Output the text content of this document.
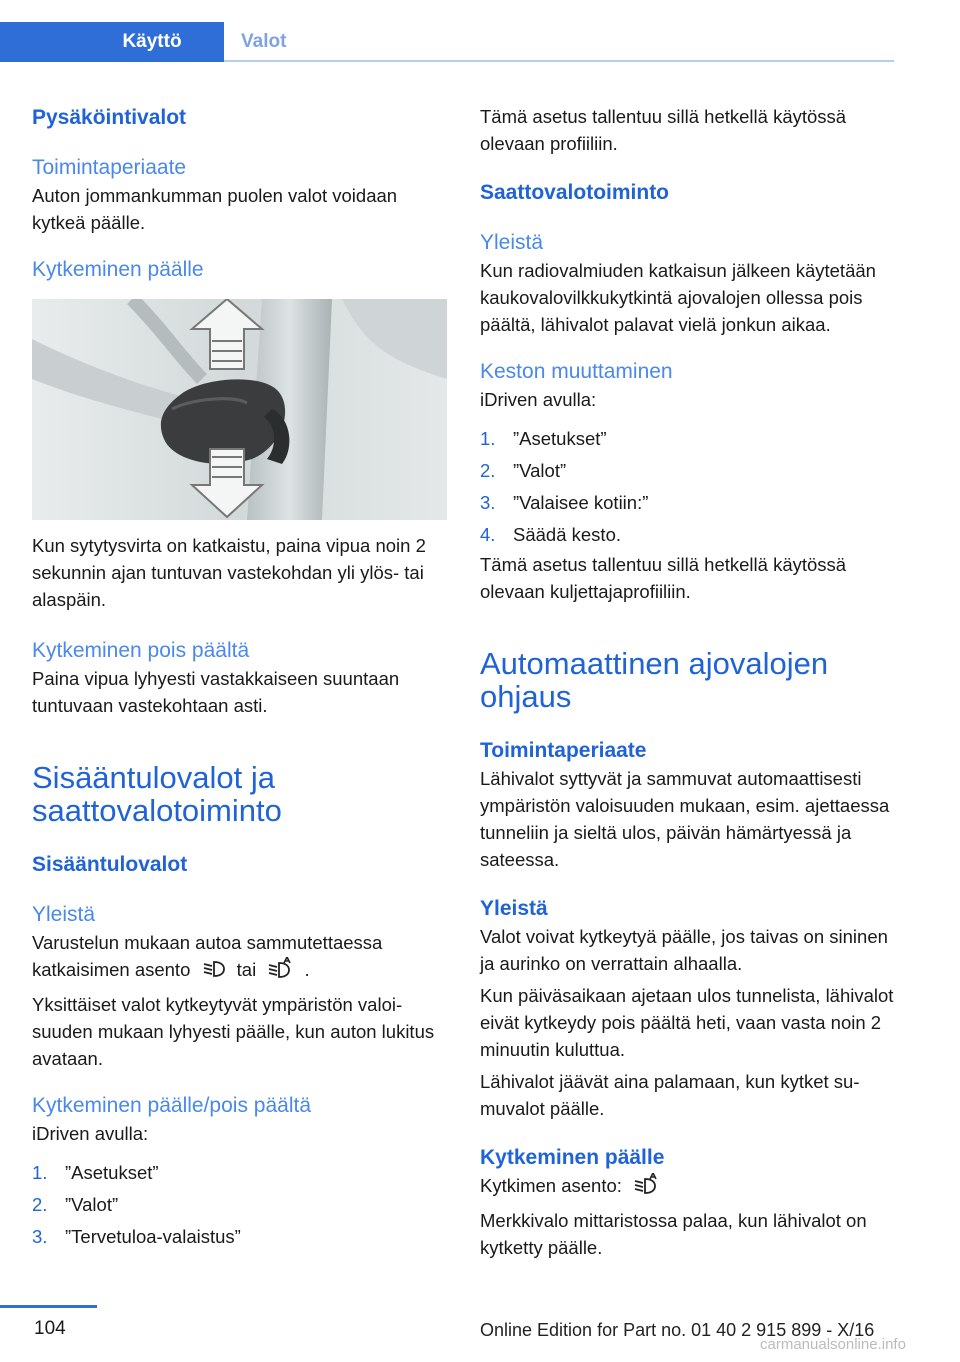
Käyttö	Valot
Pysäköintivalot
Toimintaperiaate

Auton jommankumman puolen valot voidaan kytkeä päälle.

Kytkeminen päälle

Kun sytytysvirta on katkaistu, paina vipua noin 2 sekunnin ajan tuntuvan vastekohdan yli ylös- tai alaspäin.

Kytkeminen pois päältä

Paina vipua lyhyesti vastakkaiseen suuntaan tuntuvaan vastekohtaan asti.

Sisääntulovalot ja saattovalotoiminto
Sisääntulovalot
Yleistä

Varustelun mukaan autoa sammutettaessa katkaisimen asento	tai	.

Yksittäiset valot kytkeytyvät ympäristön valoisuuden mukaan lyhyesti päälle, kun auton lukitus avataan.

Kytkeminen päälle/pois päältä

iDriven avulla:

1. ”Asetukset”
2. ”Valot”
3. ”Tervetuloa-valaistus”

Tämä asetus tallentuu sillä hetkellä käytössä olevaan profiiliin.

Saattovalotoiminto
Yleistä

Kun radiovalmiuden katkaisun jälkeen käytetään kaukovalovilkkukytkintä ajovalojen ollessa pois päältä, lähivalot palavat vielä jonkun aikaa.

Keston muuttaminen

iDriven avulla:

1. ”Asetukset”
2. ”Valot”
3. ”Valaisee kotiin:”
4. Säädä kesto.

Tämä asetus tallentuu sillä hetkellä käytössä olevaan kuljettajaprofiiliin.

Automaattinen ajovalojen ohjaus
Toimintaperiaate

Lähivalot syttyvät ja sammuvat automaattisesti ympäristön valoisuuden mukaan, esim. ajettaessa tunneliin ja sieltä ulos, päivän hämärtyessä ja sateessa.

Yleistä

Valot voivat kytkeytyä päälle, jos taivas on sininen ja aurinko on verrattain alhaalla.

Kun päiväsaikaan ajetaan ulos tunnelista, lähivalot eivät kytkeydy pois päältä heti, vaan vasta noin 2 minuutin kuluttua.

Lähivalot jäävät aina palamaan, kun kytket sumuvalot päälle.

Kytkeminen päälle

Kytkimen asento:

Merkkivalo mittaristossa palaa, kun lähivalot on kytketty päälle.

104	Online Edition for Part no. 01 40 2 915 899 - X/16
carmanualsonline.info
